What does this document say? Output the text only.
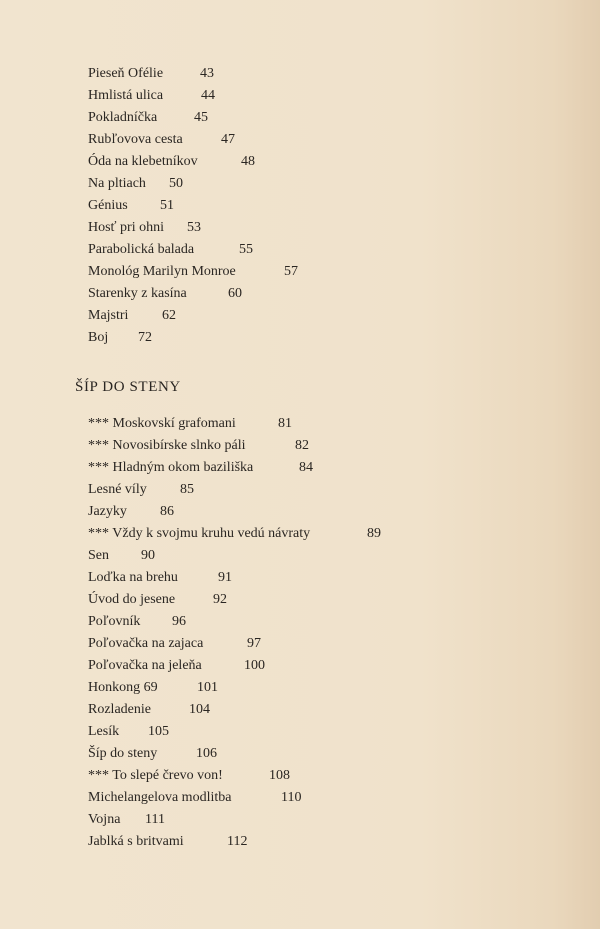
Pieseň Ofélie	43
Hmlistá ulica	44
Pokladníčka	45
Rubľovova cesta	47
Óda na klebetníkov	48
Na pltiach 50
Génius 51
Hosť pri ohni 53
Parabolická balada	55
Monológ Marilyn Monroe	57
Starenky z kasína	60
Majstri 62
Boj 72
ŠÍP DO STENY
*** Moskovskí grafomani	81
*** Novosibírske slnko páli	82
*** Hladným okom baziliška	84
Lesné víly 85
Jazyky 86
*** Vždy k svojmu kruhu vedú návraty	89
Sen 90
Loďka na brehu	91
Úvod do jesene	92
Poľovník 96
Poľovačka na zajaca	97
Poľovačka na jeleňa	100
Honkong 69	101
Rozladenie	104
Lesík 105
Šíp do steny	106
*** To slepé črevo von!	108
Michelangelova modlitba	110
Vojna 111
Jablká s britvami	112
